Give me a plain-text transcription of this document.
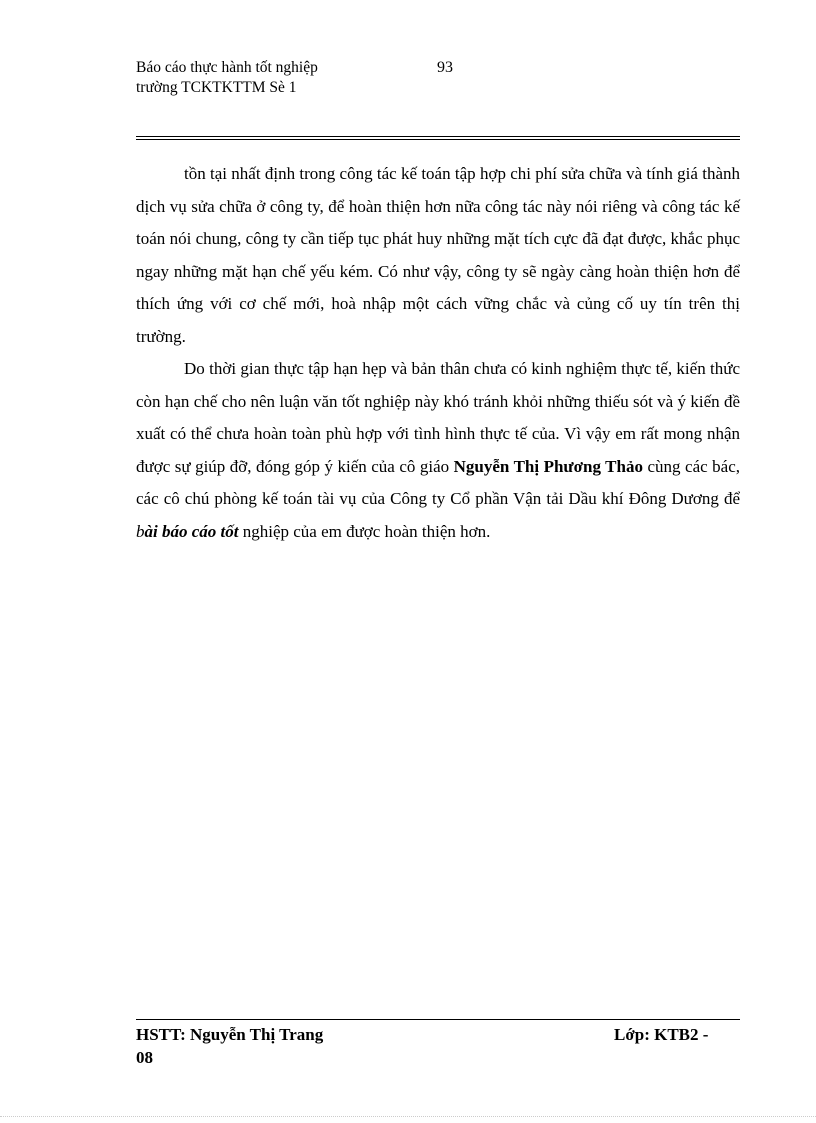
Báo cáo thực hành tốt nghiệp
trường TCKTKTTM Sè 1
93

tồn tại nhất định trong công tác kế toán tập hợp chi phí sửa chữa và tính giá thành dịch vụ sửa chữa ở công ty, để hoàn thiện hơn nữa công tác này nói riêng và công tác kế toán nói chung, công ty cần tiếp tục phát huy những mặt tích cực đã đạt được, khắc phục ngay những mặt hạn chế yếu kém. Có như vậy, công ty sẽ ngày càng hoàn thiện hơn để thích ứng với cơ chế mới, hoà nhập một cách vững chắc và củng cố uy tín trên thị trường.

Do thời gian thực tập hạn hẹp và bản thân chưa có kinh nghiệm thực tế, kiến thức còn hạn chế cho nên luận văn tốt nghiệp này khó tránh khỏi những thiếu sót và ý kiến đề xuất có thể chưa hoàn toàn phù hợp với tình hình thực tế của. Vì vậy em rất mong nhận được sự giúp đỡ, đóng góp ý kiến của cô giáo Nguyễn Thị Phương Thảo cùng các bác, các cô chú phòng kế toán tài vụ của Công ty Cổ phần Vận tải Dầu khí Đông Dương để bài báo cáo tốt nghiệp của em được hoàn thiện hơn.

HSTT: Nguyễn Thị Trang
08
Lớp: KTB2 -
